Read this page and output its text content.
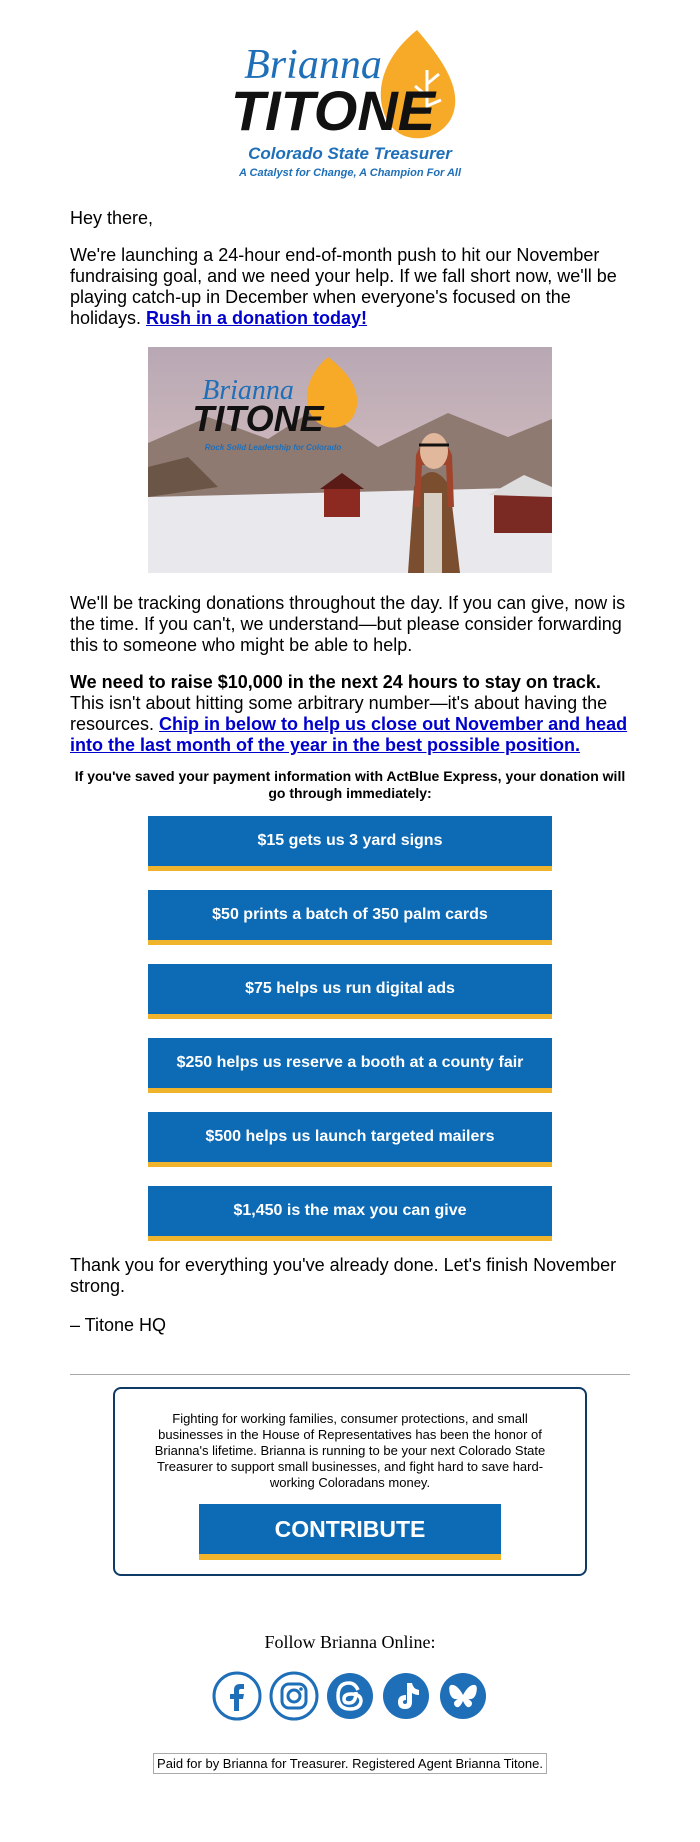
Brianna
TITONE
Colorado State Treasurer
A Catalyst for Change, A Champion For All

Hey there,

We're launching a 24-hour end-of-month push to hit our November fundraising goal, and we need your help. If we fall short now, we'll be playing catch-up in December when everyone's focused on the holidays. Rush in a donation today!

Brianna
TITONE
Rock Solid Leadership for Colorado

We'll be tracking donations throughout the day. If you can give, now is the time. If you can't, we understand—but please consider forwarding this to someone who might be able to help.

We need to raise $10,000 in the next 24 hours to stay on track. This isn't about hitting some arbitrary number—it's about having the resources. Chip in below to help us close out November and head into the last month of the year in the best possible position.

If you've saved your payment information with ActBlue Express, your donation will go through immediately:
$15 gets us 3 yard signs
$50 prints a batch of 350 palm cards
$75 helps us run digital ads
$250 helps us reserve a booth at a county fair
$500 helps us launch targeted mailers
$1,450 is the max you can give

Thank you for everything you've already done. Let's finish November strong.

– Titone HQ

Fighting for working families, consumer protections, and small businesses in the House of Representatives has been the honor of Brianna's lifetime. Brianna is running to be your next Colorado State Treasurer to support small businesses, and fight hard to save hard-working Coloradans money.

CONTRIBUTE
Follow Brianna Online:

Paid for by Brianna for Treasurer. Registered Agent Brianna Titone.
